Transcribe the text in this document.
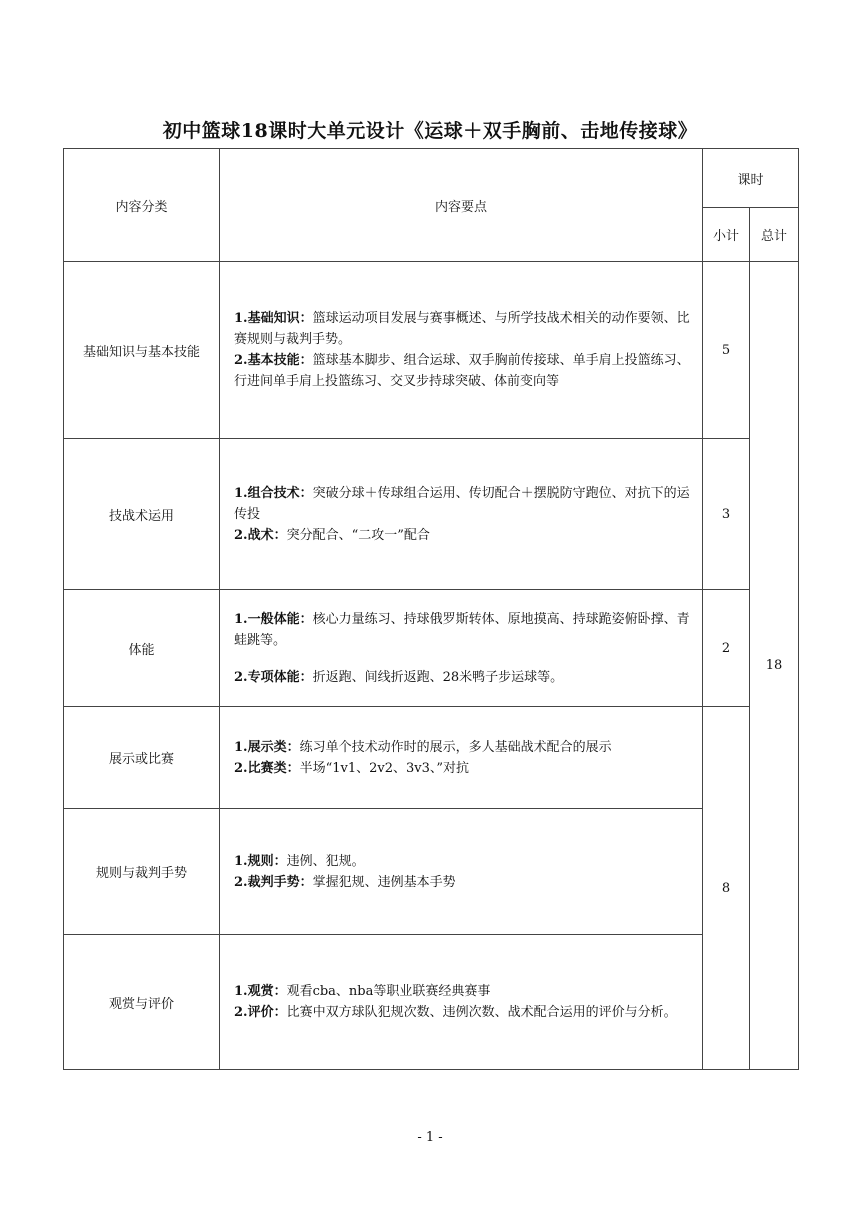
初中篮球18课时大单元设计《运球＋双手胸前、击地传接球》
内容分类	内容要点	课时	
		小计	总计
基础知识与基本技能	1.基础知识：篮球运动项目发展与赛事概述、与所学技战术相关的动作要领、比赛规则与裁判手势。

2.基本技能：篮球基本脚步、组合运球、双手胸前传接球、单手肩上投篮练习、行进间单手肩上投篮练习、交叉步持球突破、体前变向等	5	18
技战术运用	1.组合技术：突破分球＋传球组合运用、传切配合＋摆脱防守跑位、对抗下的运传投

2.战术：突分配合、“二攻一”配合	3	
体能	1.一般体能：核心力量练习、持球俄罗斯转体、原地摸高、持球跪姿俯卧撑、青蛙跳等。

2.专项体能：折返跑、间线折返跑、28米鸭子步运球等。	2	
展示或比赛	1.展示类：练习单个技术动作时的展示，多人基础战术配合的展示

2.比赛类：半场“1v1、2v2、3v3、”对抗	8	
规则与裁判手势	1.规则：违例、犯规。

2.裁判手势：掌握犯规、违例基本手势		

观赏与评价	1.观赏：观看cba、nba等职业联赛经典赛事

2.评价：比赛中双方球队犯规次数、违例次数、战术配合运用的评价与分析。		

- 1 -
